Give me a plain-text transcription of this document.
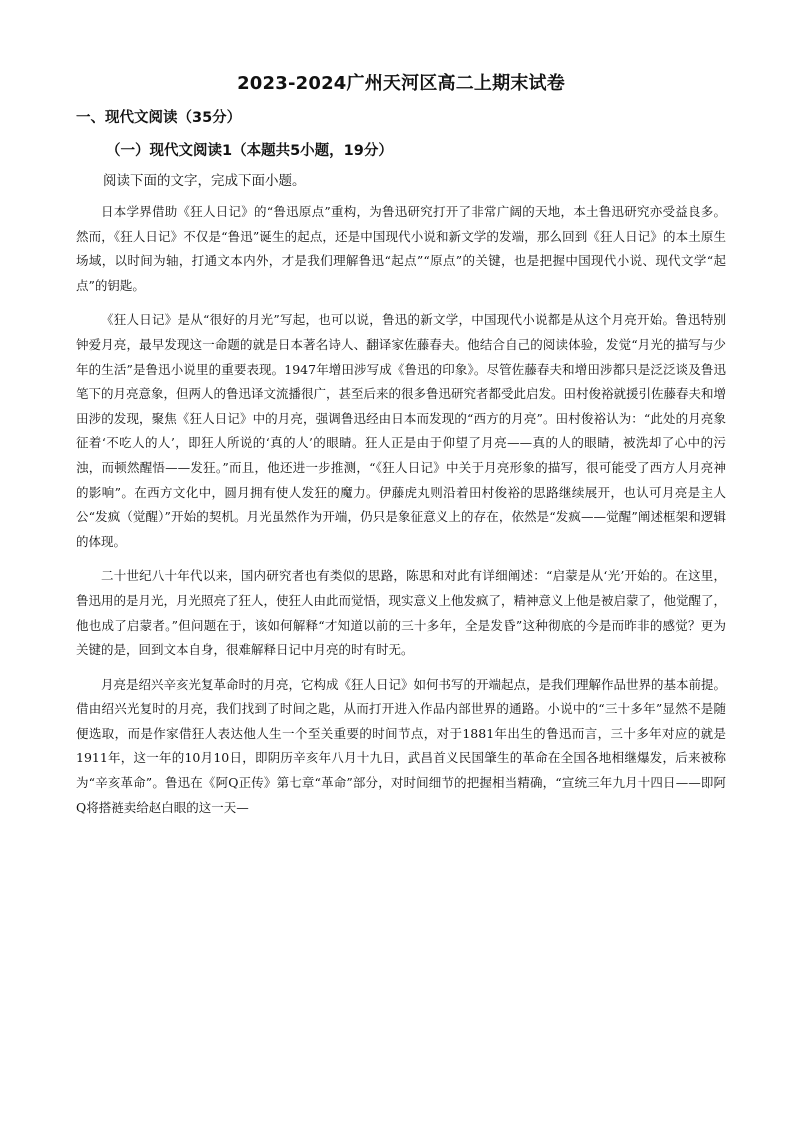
2023-2024广州天河区高二上期末试卷
一、现代文阅读（35分）
（一）现代文阅读1（本题共5小题，19分）
阅读下面的文字，完成下面小题。
日本学界借助《狂人日记》的“鲁迅原点”重构，为鲁迅研究打开了非常广阔的天地，本土鲁迅研究亦受益良多。然而，《狂人日记》不仅是“鲁迅”诞生的起点，还是中国现代小说和新文学的发端，那么回到《狂人日记》的本土原生场域，以时间为轴，打通文本内外，才是我们理解鲁迅“起点”“原点”的关键，也是把握中国现代小说、现代文学“起点”的钥匙。
《狂人日记》是从“很好的月光”写起，也可以说，鲁迅的新文学，中国现代小说都是从这个月亮开始。鲁迅特别钟爱月亮，最早发现这一命题的就是日本著名诗人、翻译家佐藤春夫。他结合自己的阅读体验，发觉“月光的描写与少年的生活”是鲁迅小说里的重要表现。1947年增田涉写成《鲁迅的印象》。尽管佐藤春夫和增田涉都只是泛泛谈及鲁迅笔下的月亮意象，但两人的鲁迅译文流播很广，甚至后来的很多鲁迅研究者都受此启发。田村俊裕就援引佐藤春夫和增田涉的发现，聚焦《狂人日记》中的月亮，强调鲁迅经由日本而发现的“西方的月亮”。田村俊裕认为：“此处的月亮象征着‘不吃人的人’，即狂人所说的‘真的人’的眼睛。狂人正是由于仰望了月亮——真的人的眼睛，被洗却了心中的污浊，而顿然醒悟——发狂。”而且，他还进一步推测，“《狂人日记》中关于月亮形象的描写，很可能受了西方人月亮神的影响”。在西方文化中，圆月拥有使人发狂的魔力。伊藤虎丸则沿着田村俊裕的思路继续展开，也认可月亮是主人公“发疯（觉醒）”开始的契机。月光虽然作为开端，仍只是象征意义上的存在，依然是“发疯——觉醒”阐述框架和逻辑的体现。
二十世纪八十年代以来，国内研究者也有类似的思路，陈思和对此有详细阐述：“启蒙是从‘光’开始的。在这里，鲁迅用的是月光，月光照亮了狂人，使狂人由此而觉悟，现实意义上他发疯了，精神意义上他是被启蒙了，他觉醒了，他也成了启蒙者。”但问题在于，该如何解释“才知道以前的三十多年，全是发昏”这种彻底的今是而昨非的感觉？更为关键的是，回到文本自身，很难解释日记中月亮的时有时无。
月亮是绍兴辛亥光复革命时的月亮，它构成《狂人日记》如何书写的开端起点，是我们理解作品世界的基本前提。借由绍兴光复时的月亮，我们找到了时间之匙，从而打开进入作品内部世界的通路。小说中的“三十多年”显然不是随便选取，而是作家借狂人表达他人生一个至关重要的时间节点，对于1881年出生的鲁迅而言，三十多年对应的就是1911年，这一年的10月10日，即阴历辛亥年八月十九日，武昌首义民国肇生的革命在全国各地相继爆发，后来被称为“辛亥革命”。鲁迅在《阿Q正传》第七章“革命”部分，对时间细节的把握相当精确，“宣统三年九月十四日——即阿Q将搭裢卖给赵白眼的这一天—
